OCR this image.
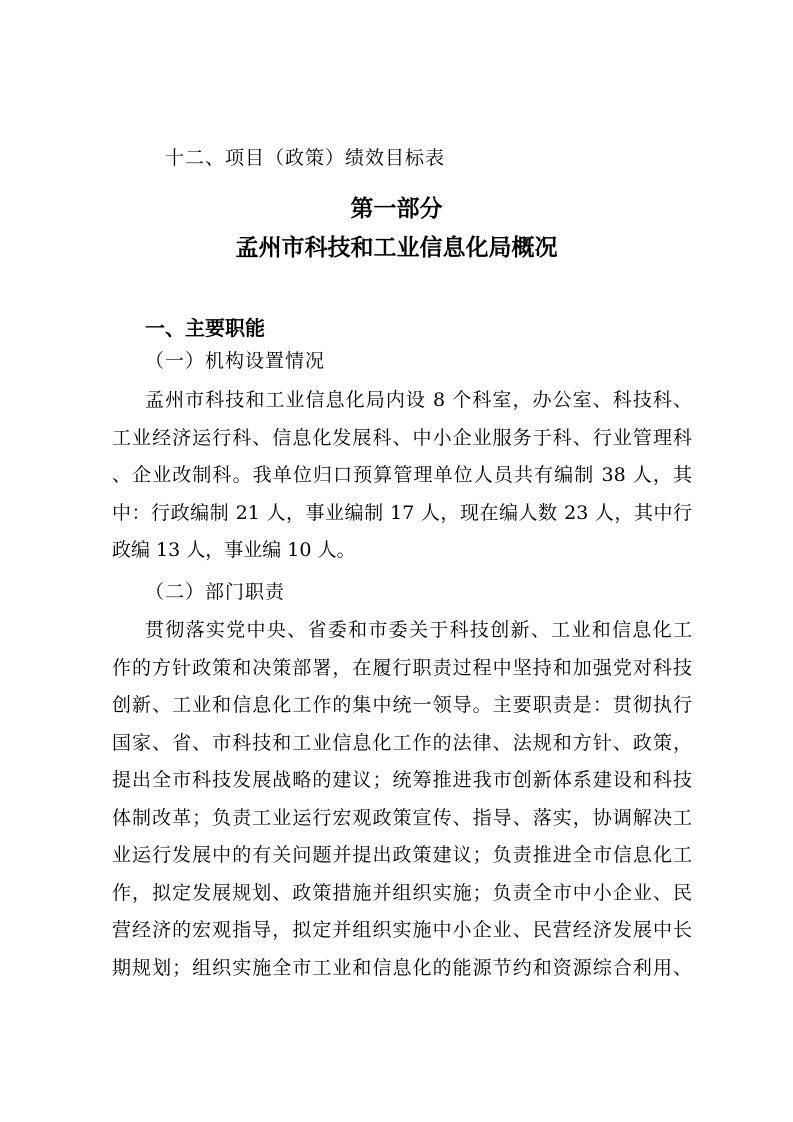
十二、项目（政策）绩效目标表
第一部分
孟州市科技和工业信息化局概况
一、主要职能
（一）机构设置情况
孟州市科技和工业信息化局内设 8 个科室，办公室、科技科、
工业经济运行科、信息化发展科、中小企业服务于科、行业管理科
、企业改制科。我单位归口预算管理单位人员共有编制 38 人，其
中：行政编制 21 人，事业编制 17 人，现在编人数 23 人，其中行
政编 13 人，事业编 10 人。
（二）部门职责
贯彻落实党中央、省委和市委关于科技创新、工业和信息化工
作的方针政策和决策部署，在履行职责过程中坚持和加强党对科技
创新、工业和信息化工作的集中统一领导。主要职责是：贯彻执行
国家、省、市科技和工业信息化工作的法律、法规和方针、政策，
提出全市科技发展战略的建议；统筹推进我市创新体系建设和科技
体制改革；负责工业运行宏观政策宣传、指导、落实，协调解决工
业运行发展中的有关问题并提出政策建议；负责推进全市信息化工
作，拟定发展规划、政策措施并组织实施；负责全市中小企业、民
营经济的宏观指导，拟定并组织实施中小企业、民营经济发展中长
期规划；组织实施全市工业和信息化的能源节约和资源综合利用、
